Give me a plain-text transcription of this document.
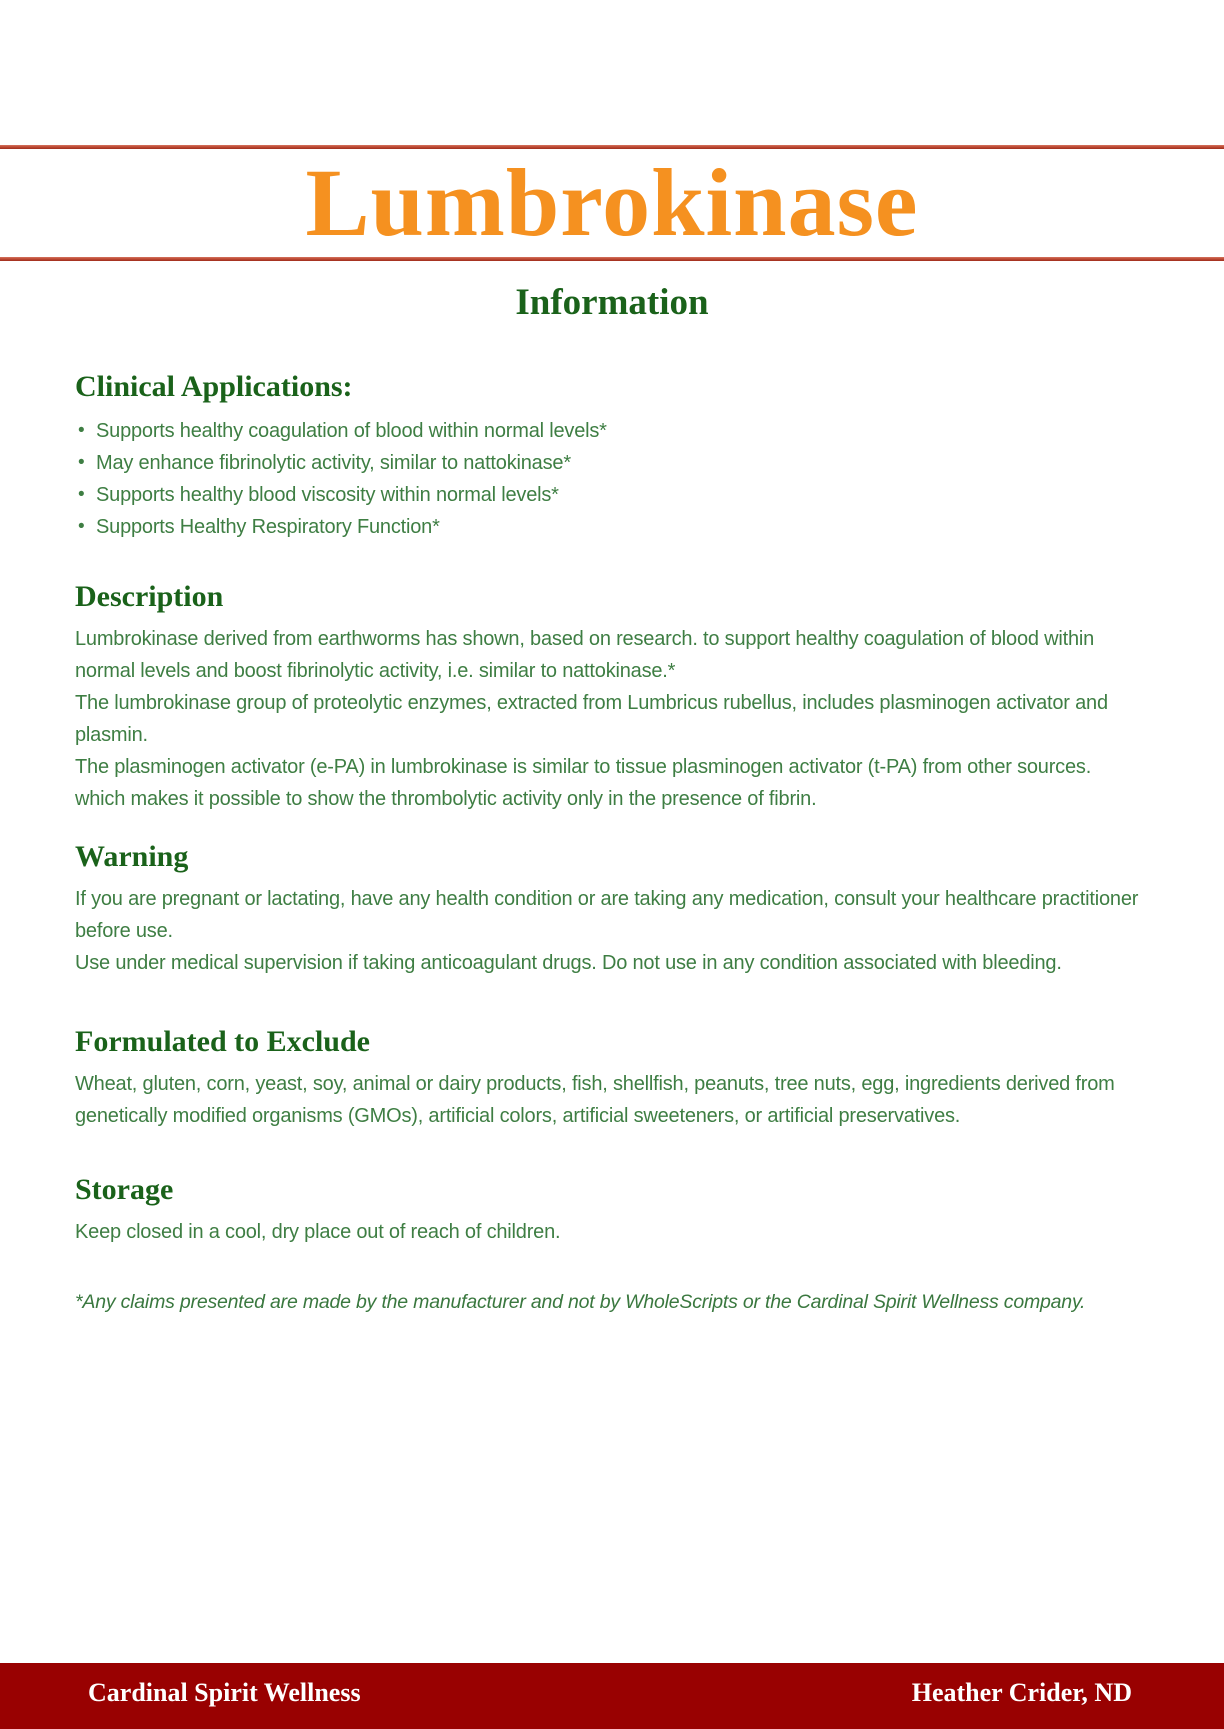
Lumbrokinase
Information
Clinical Applications:
• Supports healthy coagulation of blood within normal levels*
• May enhance fibrinolytic activity, similar to nattokinase*
• Supports healthy blood viscosity within normal levels*
• Supports Healthy Respiratory Function*
Description

Lumbrokinase derived from earthworms has shown, based on research. to support healthy coagulation of blood within normal levels and boost fibrinolytic activity, i.e. similar to nattokinase.*

The lumbrokinase group of proteolytic enzymes, extracted from Lumbricus rubellus, includes plasminogen activator and plasmin.

The plasminogen activator (e-PA) in lumbrokinase is similar to tissue plasminogen activator (t-PA) from other sources. which makes it possible to show the thrombolytic activity only in the presence of fibrin.

Warning

If you are pregnant or lactating, have any health condition or are taking any medication, consult your healthcare practitioner before use.

Use under medical supervision if taking anticoagulant drugs. Do not use in any condition associated with bleeding.

Formulated to Exclude

Wheat, gluten, corn, yeast, soy, animal or dairy products, fish, shellfish, peanuts, tree nuts, egg, ingredients derived from genetically modified organisms (GMOs), artificial colors, artificial sweeteners, or artificial preservatives.

Storage

Keep closed in a cool, dry place out of reach of children.

*Any claims presented are made by the manufacturer and not by WholeScripts or the Cardinal Spirit Wellness company.
Cardinal Spirit Wellness	Heather Crider, ND
